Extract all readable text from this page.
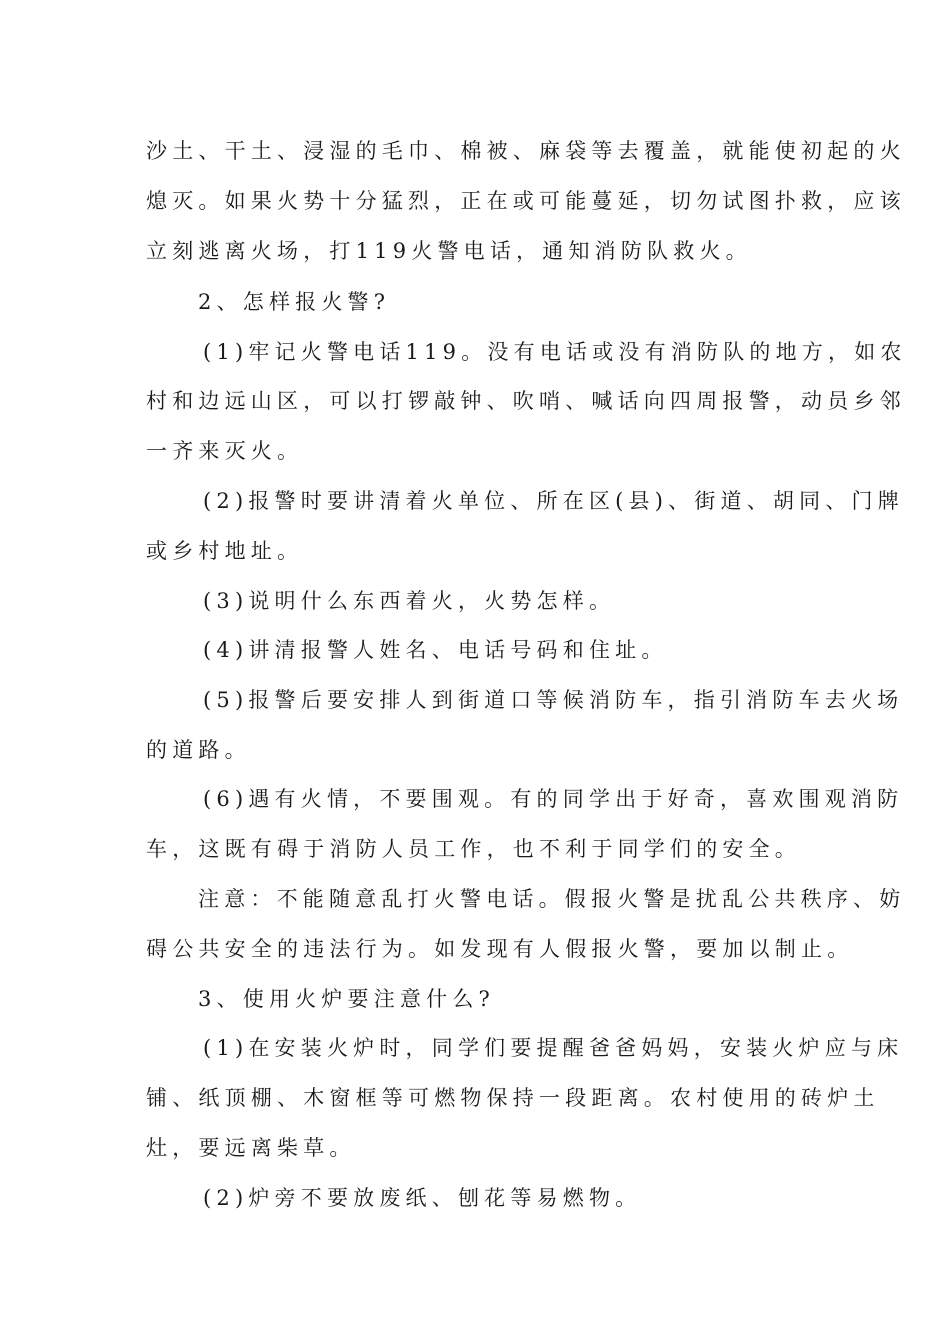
沙土、干土、浸湿的毛巾、棉被、麻袋等去覆盖，就能使初起的火
熄灭。如果火势十分猛烈，正在或可能蔓延，切勿试图扑救，应该
立刻逃离火场，打119火警电话，通知消防队救火。
2、怎样报火警?
(1)牢记火警电话119。没有电话或没有消防队的地方，如农
村和边远山区，可以打锣敲钟、吹哨、喊话向四周报警，动员乡邻
一齐来灭火。
(2)报警时要讲清着火单位、所在区(县)、街道、胡同、门牌
或乡村地址。
(3)说明什么东西着火，火势怎样。
(4)讲清报警人姓名、电话号码和住址。
(5)报警后要安排人到街道口等候消防车，指引消防车去火场
的道路。
(6)遇有火情，不要围观。有的同学出于好奇，喜欢围观消防
车，这既有碍于消防人员工作，也不利于同学们的安全。
注意：不能随意乱打火警电话。假报火警是扰乱公共秩序、妨
碍公共安全的违法行为。如发现有人假报火警，要加以制止。
3、使用火炉要注意什么?
(1)在安装火炉时，同学们要提醒爸爸妈妈，安装火炉应与床
铺、纸顶棚、木窗框等可燃物保持一段距离。农村使用的砖炉土
灶，要远离柴草。
(2)炉旁不要放废纸、刨花等易燃物。
